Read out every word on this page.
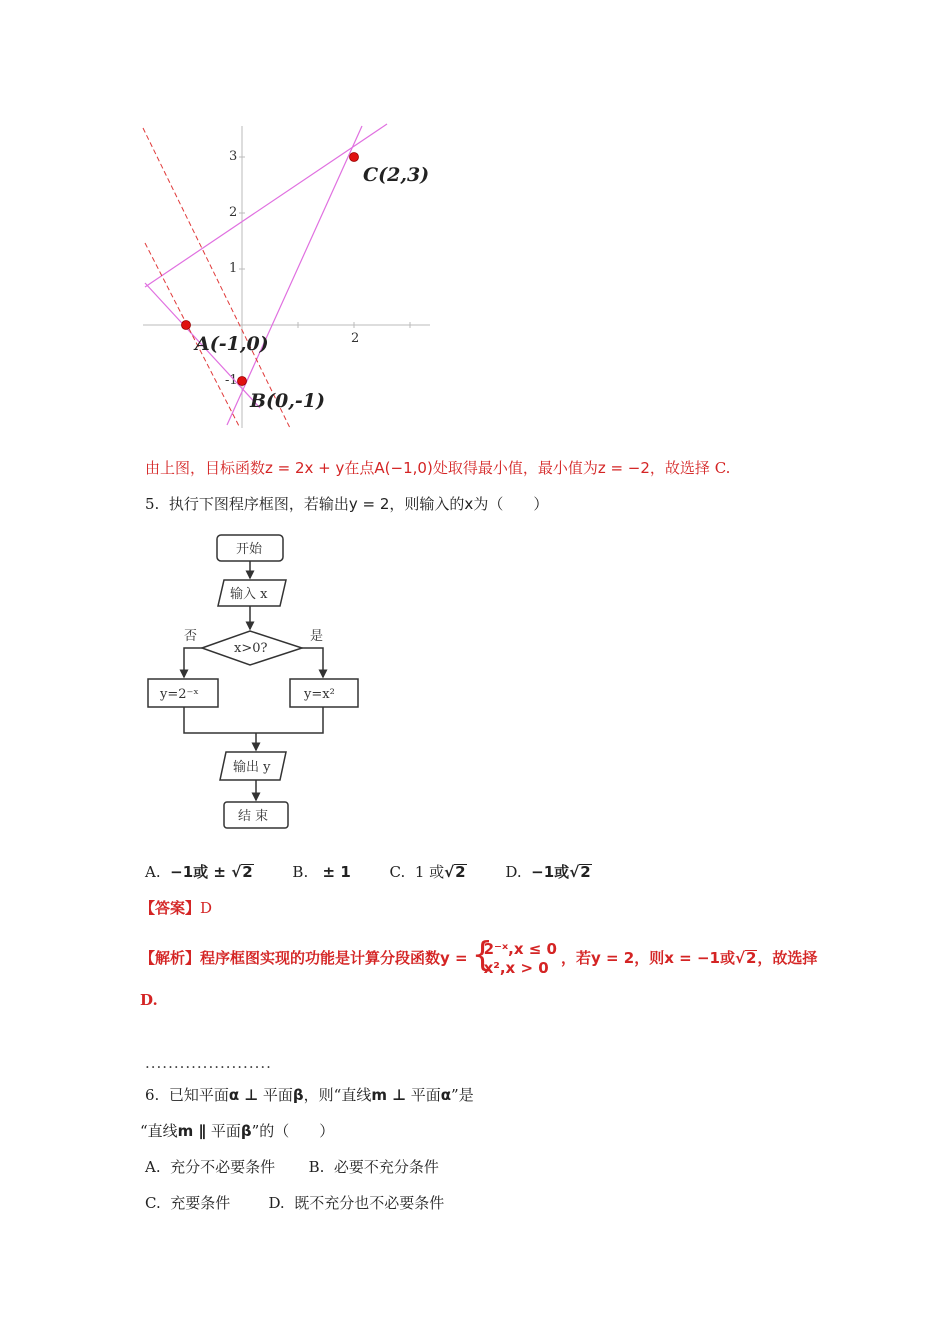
2
3
2
1
-1
C(2,3)
A(-1,0)
B(0,-1)
由上图，目标函数z = 2x + y在点A(−1,0)处取得最小值，最小值为z = −2，故选择 C.
5. 执行下图程序框图，若输出y = 2，则输入的x为（　　）
开始
输入 x
x>0?
否	是
y=2⁻ˣ	y=x²
输出 y
结 束
A. −1或 ± √2	B. ± 1	C. 1 或√2	D. −1或√2
【答案】D
【解析】程序框图实现的功能是计算分段函数y = {
2⁻ˣ,x ≤ 0
x²,x > 0
，若y = 2，则x = −1或√2，故选择
D.
......................
6. 已知平面α ⊥ 平面β，则“直线m ⊥ 平面α”是
“直线m ∥ 平面β”的（　　）
A. 充分不必要条件 B. 必要不充分条件
C. 充要条件	D. 既不充分也不必要条件
